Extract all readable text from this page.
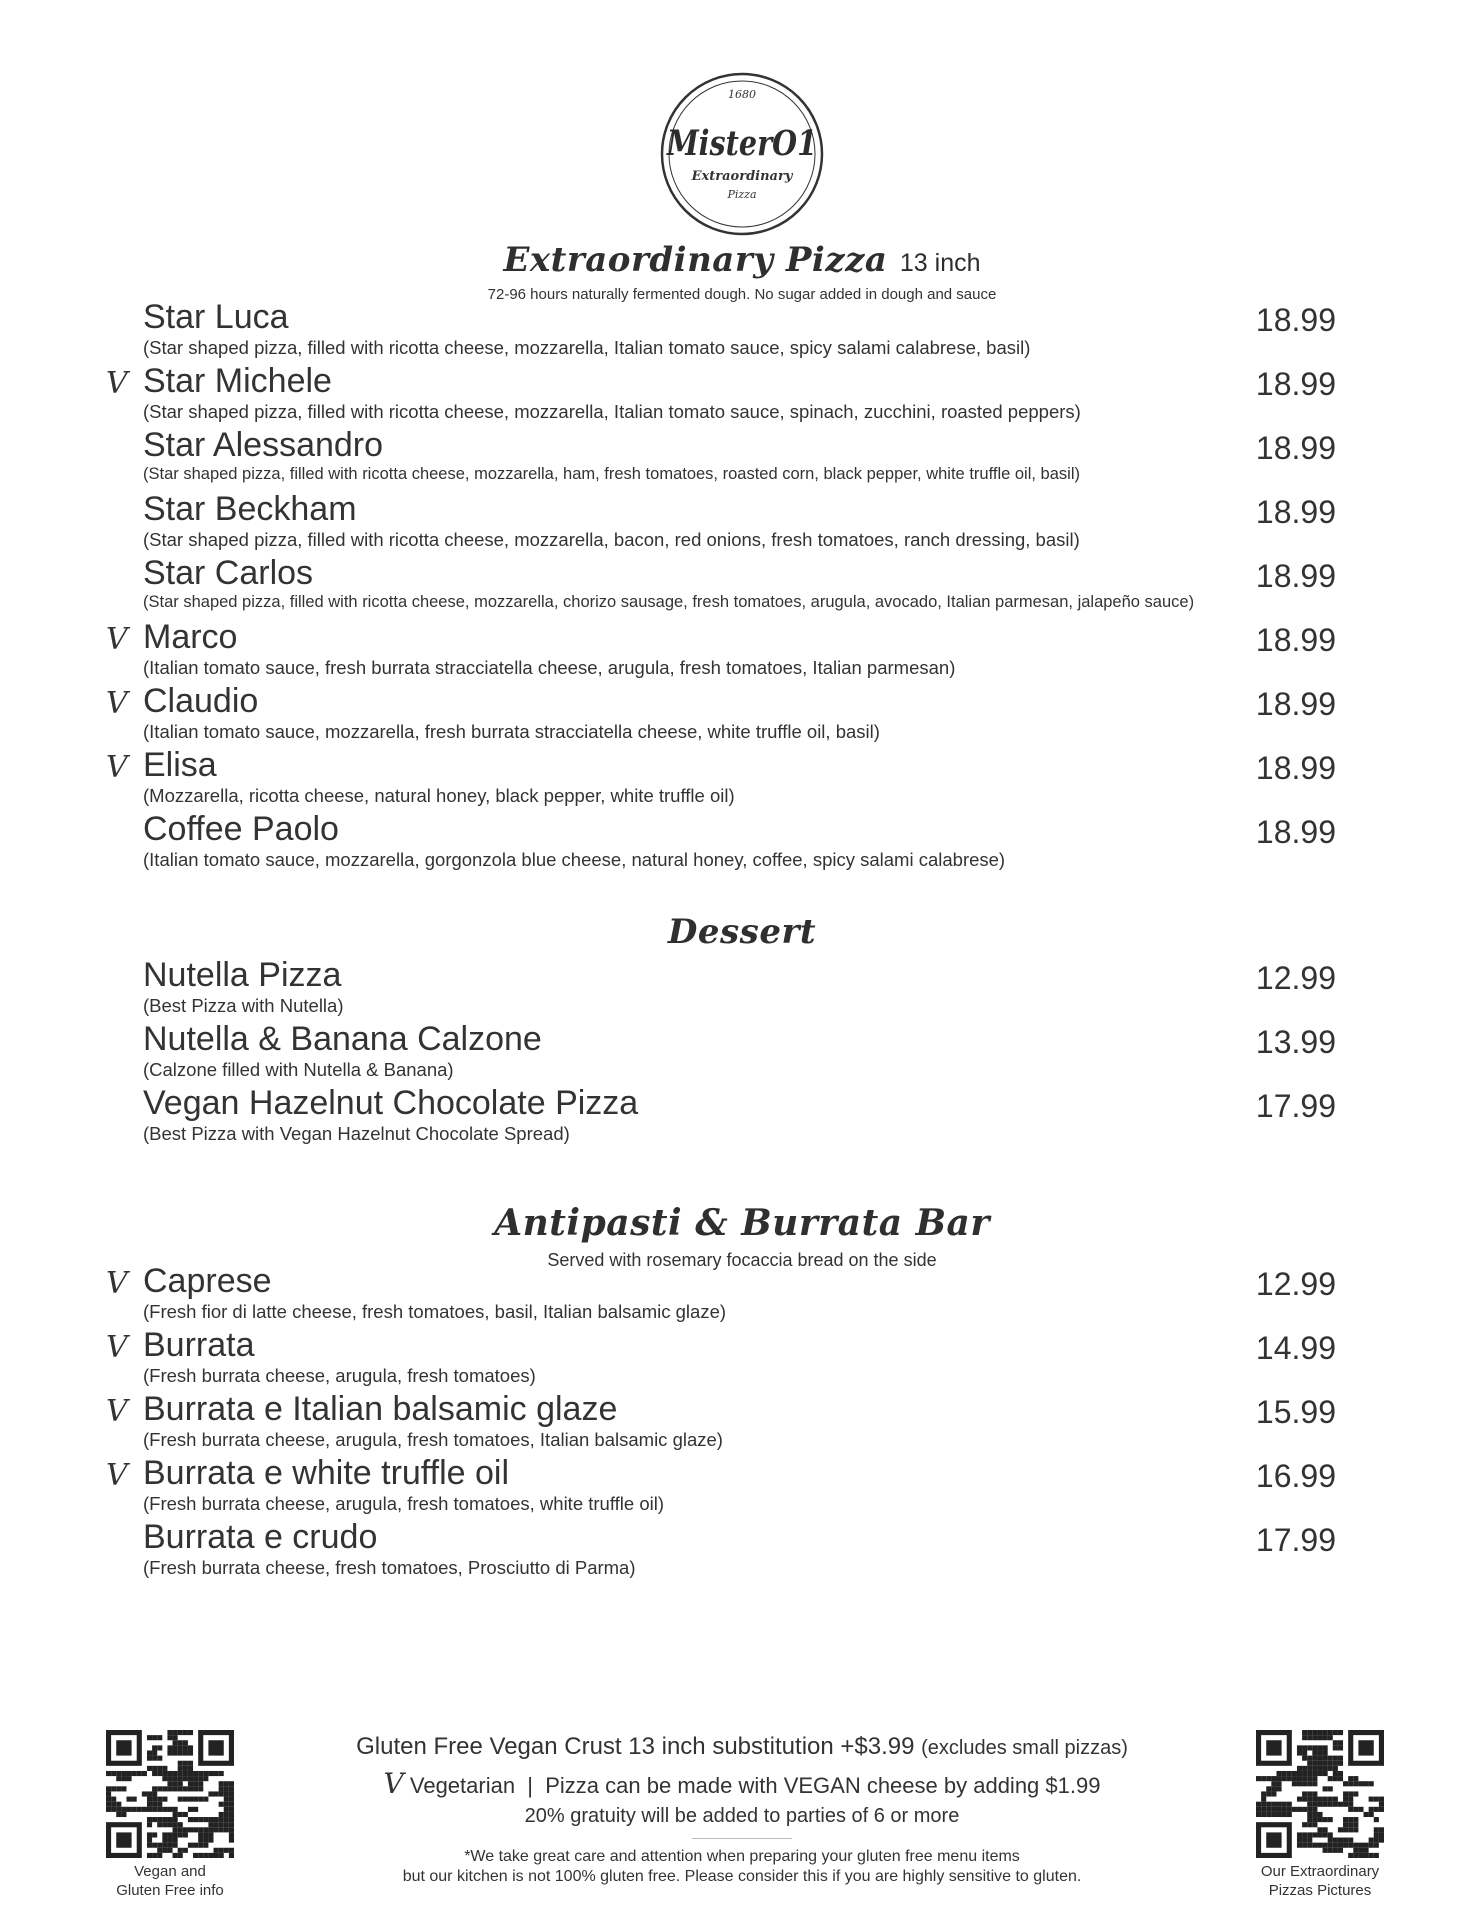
1680
MisterO1
Extraordinary
Pizza
Extraordinary Pizza 13 inch
72-96 hours naturally fermented dough. No sugar added in dough and sauce
Star Luca
(Star shaped pizza, filled with ricotta cheese, mozzarella, Italian tomato sauce, spicy salami calabrese, basil)
18.99
V Star Michele
(Star shaped pizza, filled with ricotta cheese, mozzarella, Italian tomato sauce, spinach, zucchini, roasted peppers)
18.99
Star Alessandro
(Star shaped pizza, filled with ricotta cheese, mozzarella, ham, fresh tomatoes, roasted corn, black pepper, white truffle oil, basil)
18.99
Star Beckham
(Star shaped pizza, filled with ricotta cheese, mozzarella, bacon, red onions, fresh tomatoes, ranch dressing, basil)
18.99
Star Carlos
(Star shaped pizza, filled with ricotta cheese, mozzarella, chorizo sausage, fresh tomatoes, arugula, avocado, Italian parmesan, jalapeño sauce)
18.99
V Marco
(Italian tomato sauce, fresh burrata stracciatella cheese, arugula, fresh tomatoes, Italian parmesan)
18.99
V Claudio
(Italian tomato sauce, mozzarella, fresh burrata stracciatella cheese, white truffle oil, basil)
18.99
V Elisa
(Mozzarella, ricotta cheese, natural honey, black pepper, white truffle oil)
18.99
Coffee Paolo
(Italian tomato sauce, mozzarella, gorgonzola blue cheese, natural honey, coffee, spicy salami calabrese)
18.99
Dessert
Nutella Pizza
(Best Pizza with Nutella)
12.99
Nutella & Banana Calzone
(Calzone filled with Nutella & Banana)
13.99
Vegan Hazelnut Chocolate Pizza
(Best Pizza with Vegan Hazelnut Chocolate Spread)
17.99
Antipasti & Burrata Bar
Served with rosemary focaccia bread on the side
V Caprese
(Fresh fior di latte cheese, fresh tomatoes, basil, Italian balsamic glaze)
12.99
V Burrata
(Fresh burrata cheese, arugula, fresh tomatoes)
14.99
V Burrata e Italian balsamic glaze
(Fresh burrata cheese, arugula, fresh tomatoes, Italian balsamic glaze)
15.99
V Burrata e white truffle oil
(Fresh burrata cheese, arugula, fresh tomatoes, white truffle oil)
16.99
Burrata e crudo
(Fresh burrata cheese, fresh tomatoes, Prosciutto di Parma)
17.99
Vegan and
Gluten Free info
Our Extraordinary
Pizzas Pictures
Gluten Free Vegan Crust 13 inch substitution +$3.99 (excludes small pizzas)
V Vegetarian  |  Pizza can be made with VEGAN cheese by adding $1.99
20% gratuity will be added to parties of 6 or more
*We take great care and attention when preparing your gluten free menu items
but our kitchen is not 100% gluten free. Please consider this if you are highly sensitive to gluten.
